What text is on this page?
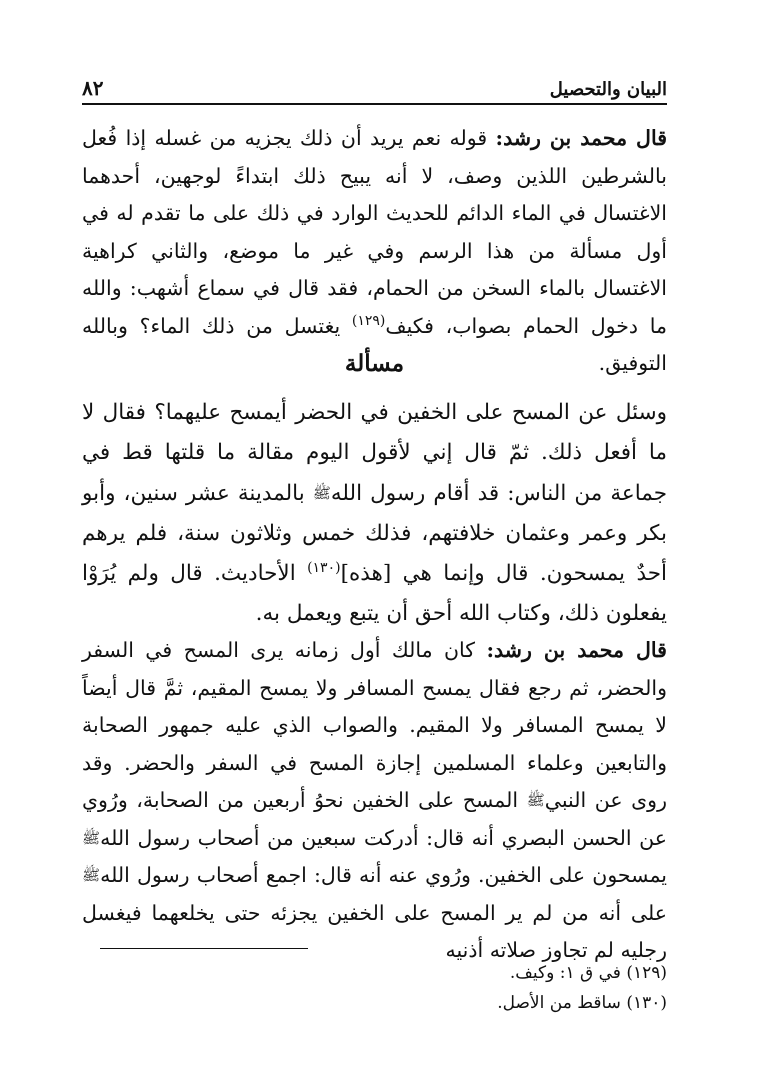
البيان والتحصيل
٨٢
قال محمد بن رشد: قوله نعم يريد أن ذلك يجزيه من غسله إذا فُعل بالشرطين اللذين وصف، لا أنه يبيح ذلك ابتداءً لوجهين، أحدهما الاغتسال في الماء الدائم للحديث الوارد في ذلك على ما تقدم له في أول مسألة من هذا الرسم وفي غير ما موضع، والثاني كراهية الاغتسال بالماء السخن من الحمام، فقد قال في سماع أشهب: والله ما دخول الحمام بصواب، فكيف$^{(١٢٩)}$ يغتسل من ذلك الماء؟ وبالله التوفيق.
مسألة
وسئل عن المسح على الخفين في الحضر أيمسح عليهما؟ فقال لا ما أفعل ذلك. ثمّ قال إني لأقول اليوم مقالة ما قلتها قط في جماعة من الناس: قد أقام رسول اللهﷺ بالمدينة عشر سنين، وأبو بكر وعمر وعثمان خلافتهم، فذلك خمس وثلاثون سنة، فلم يرهم أحدٌ يمسحون. قال وإنما هي [هذه]$^{(١٣٠)}$ الأحاديث. قال ولم يُرَوْا يفعلون ذلك، وكتاب الله أحق أن يتبع ويعمل به.
قال محمد بن رشد: كان مالك أول زمانه يرى المسح في السفر والحضر، ثم رجع فقال يمسح المسافر ولا يمسح المقيم، ثمَّ قال أيضاً لا يمسح المسافر ولا المقيم. والصواب الذي عليه جمهور الصحابة والتابعين وعلماء المسلمين إجازة المسح في السفر والحضر. وقد روى عن النبيﷺ المسح على الخفين نحوُ أربعين من الصحابة، ورُوي عن الحسن البصري أنه قال: أدركت سبعين من أصحاب رسول اللهﷺ يمسحون على الخفين. ورُوي عنه أنه قال: اجمع أصحاب رسول اللهﷺ على أنه من لم ير المسح على الخفين يجزئه حتى يخلعهما فيغسل رجليه لم تجاوز صلاته أذنيه
(١٢٩) في ق ١: وكيف.
(١٣٠) ساقط من الأصل.
